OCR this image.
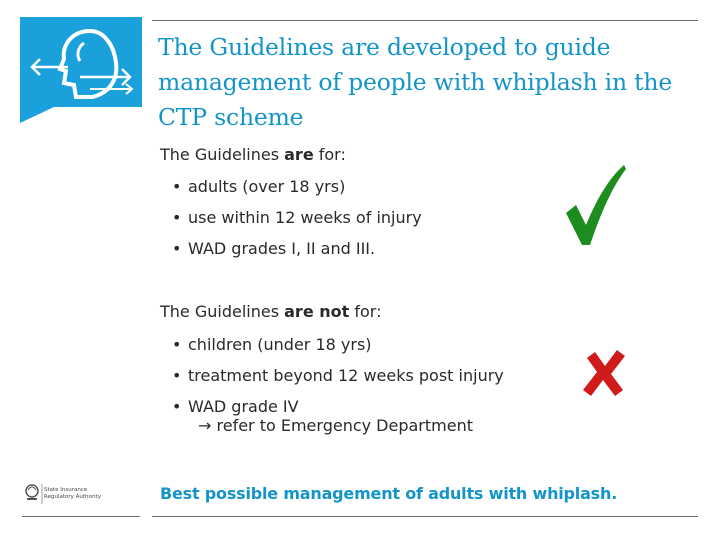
The Guidelines are developed to guide management of people with whiplash in the CTP scheme
The Guidelines are for:
• adults (over 18 yrs)
• use within 12 weeks of injury
• WAD grades I, II and III.
The Guidelines are not for:
• children (under 18 yrs)
• treatment beyond 12 weeks post injury
• WAD grade IV
→ refer to Emergency Department
State Insurance
Regulatory Authority	Best possible management of adults with whiplash.
